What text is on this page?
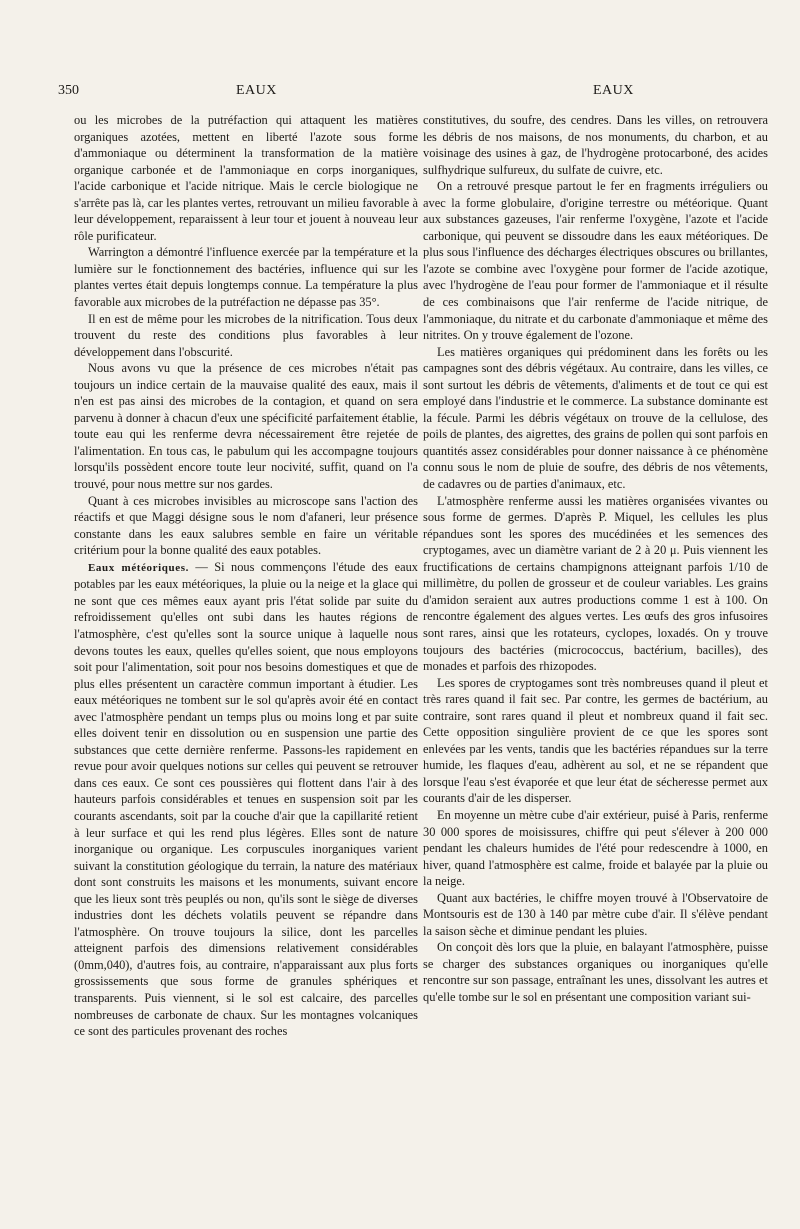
350	EAUX	EAUX

ou les microbes de la putréfaction qui attaquent les matières organiques azotées, mettent en liberté l'azote sous forme d'ammoniaque ou déterminent la transformation de la matière organique carbonée et de l'ammoniaque en corps inorganiques, l'acide carbonique et l'acide nitrique. Mais le cercle biologique ne s'arrête pas là, car les plantes vertes, retrouvant un milieu favorable à leur développement, reparaissent à leur tour et jouent à nouveau leur rôle purificateur.

Warrington a démontré l'influence exercée par la température et la lumière sur le fonctionnement des bactéries, influence qui sur les plantes vertes était depuis longtemps connue. La température la plus favorable aux microbes de la putréfaction ne dépasse pas 35°.

Il en est de même pour les microbes de la nitrification. Tous deux trouvent du reste des conditions plus favorables à leur développement dans l'obscurité.

Nous avons vu que la présence de ces microbes n'était pas toujours un indice certain de la mauvaise qualité des eaux, mais il n'en est pas ainsi des microbes de la contagion, et quand on sera parvenu à donner à chacun d'eux une spécificité parfaitement établie, toute eau qui les renferme devra nécessairement être rejetée de l'alimentation. En tous cas, le pabulum qui les accompagne toujours lorsqu'ils possèdent encore toute leur nocivité, suffit, quand on l'a trouvé, pour nous mettre sur nos gardes.

Quant à ces microbes invisibles au microscope sans l'action des réactifs et que Maggi désigne sous le nom d'afaneri, leur présence constante dans les eaux salubres semble en faire un véritable critérium pour la bonne qualité des eaux potables.

Eaux météoriques. — Si nous commençons l'étude des eaux potables par les eaux météoriques, la pluie ou la neige et la glace qui ne sont que ces mêmes eaux ayant pris l'état solide par suite du refroidissement qu'elles ont subi dans les hautes régions de l'atmosphère, c'est qu'elles sont la source unique à laquelle nous devons toutes les eaux, quelles qu'elles soient, que nous employons soit pour l'alimentation, soit pour nos besoins domestiques et que de plus elles présentent un caractère commun important à étudier. Les eaux météoriques ne tombent sur le sol qu'après avoir été en contact avec l'atmosphère pendant un temps plus ou moins long et par suite elles doivent tenir en dissolution ou en suspension une partie des substances que cette dernière renferme. Passons-les rapidement en revue pour avoir quelques notions sur celles qui peuvent se retrouver dans ces eaux. Ce sont ces poussières qui flottent dans l'air à des hauteurs parfois considérables et tenues en suspension soit par les courants ascendants, soit par la couche d'air que la capillarité retient à leur surface et qui les rend plus légères. Elles sont de nature inorganique ou organique. Les corpuscules inorganiques varient suivant la constitution géologique du terrain, la nature des matériaux dont sont construits les maisons et les monuments, suivant encore que les lieux sont très peuplés ou non, qu'ils sont le siège de diverses industries dont les déchets volatils peuvent se répandre dans l'atmosphère. On trouve toujours la silice, dont les parcelles atteignent parfois des dimensions relativement considérables (0mm,040), d'autres fois, au contraire, n'apparaissant aux plus forts grossissements que sous forme de granules sphériques et transparents. Puis viennent, si le sol est calcaire, des parcelles nombreuses de carbonate de chaux. Sur les montagnes volcaniques ce sont des particules provenant des roches

constitutives, du soufre, des cendres. Dans les villes, on retrouvera les débris de nos maisons, de nos monuments, du charbon, et au voisinage des usines à gaz, de l'hydrogène protocarboné, des acides sulfhydrique sulfureux, du sulfate de cuivre, etc.

On a retrouvé presque partout le fer en fragments irréguliers ou avec la forme globulaire, d'origine terrestre ou météorique. Quant aux substances gazeuses, l'air renferme l'oxygène, l'azote et l'acide carbonique, qui peuvent se dissoudre dans les eaux météoriques. De plus sous l'influence des décharges électriques obscures ou brillantes, l'azote se combine avec l'oxygène pour former de l'acide azotique, avec l'hydrogène de l'eau pour former de l'ammoniaque et il résulte de ces combinaisons que l'air renferme de l'acide nitrique, de l'ammoniaque, du nitrate et du carbonate d'ammoniaque et même des nitrites. On y trouve également de l'ozone.

Les matières organiques qui prédominent dans les forêts ou les campagnes sont des débris végétaux. Au contraire, dans les villes, ce sont surtout les débris de vêtements, d'aliments et de tout ce qui est employé dans l'industrie et le commerce. La substance dominante est la fécule. Parmi les débris végétaux on trouve de la cellulose, des poils de plantes, des aigrettes, des grains de pollen qui sont parfois en quantités assez considérables pour donner naissance à ce phénomène connu sous le nom de pluie de soufre, des débris de nos vêtements, de cadavres ou de parties d'animaux, etc.

L'atmosphère renferme aussi les matières organisées vivantes ou sous forme de germes. D'après P. Miquel, les cellules les plus répandues sont les spores des mucédinées et les semences des cryptogames, avec un diamètre variant de 2 à 20 μ. Puis viennent les fructifications de certains champignons atteignant parfois 1/10 de millimètre, du pollen de grosseur et de couleur variables. Les grains d'amidon seraient aux autres productions comme 1 est à 100. On rencontre également des algues vertes. Les œufs des gros infusoires sont rares, ainsi que les rotateurs, cyclopes, loxadés. On y trouve toujours des bactéries (micrococcus, bactérium, bacilles), des monades et parfois des rhizopodes.

Les spores de cryptogames sont très nombreuses quand il pleut et très rares quand il fait sec. Par contre, les germes de bactérium, au contraire, sont rares quand il pleut et nombreux quand il fait sec. Cette opposition singulière provient de ce que les spores sont enlevées par les vents, tandis que les bactéries répandues sur la terre humide, les flaques d'eau, adhèrent au sol, et ne se répandent que lorsque l'eau s'est évaporée et que leur état de sécheresse permet aux courants d'air de les disperser.

En moyenne un mètre cube d'air extérieur, puisé à Paris, renferme 30 000 spores de moisissures, chiffre qui peut s'élever à 200 000 pendant les chaleurs humides de l'été pour redescendre à 1000, en hiver, quand l'atmosphère est calme, froide et balayée par la pluie ou la neige.

Quant aux bactéries, le chiffre moyen trouvé à l'Observatoire de Montsouris est de 130 à 140 par mètre cube d'air. Il s'élève pendant la saison sèche et diminue pendant les pluies.

On conçoit dès lors que la pluie, en balayant l'atmosphère, puisse se charger des substances organiques ou inorganiques qu'elle rencontre sur son passage, entraînant les unes, dissolvant les autres et qu'elle tombe sur le sol en présentant une composition variant sui-
